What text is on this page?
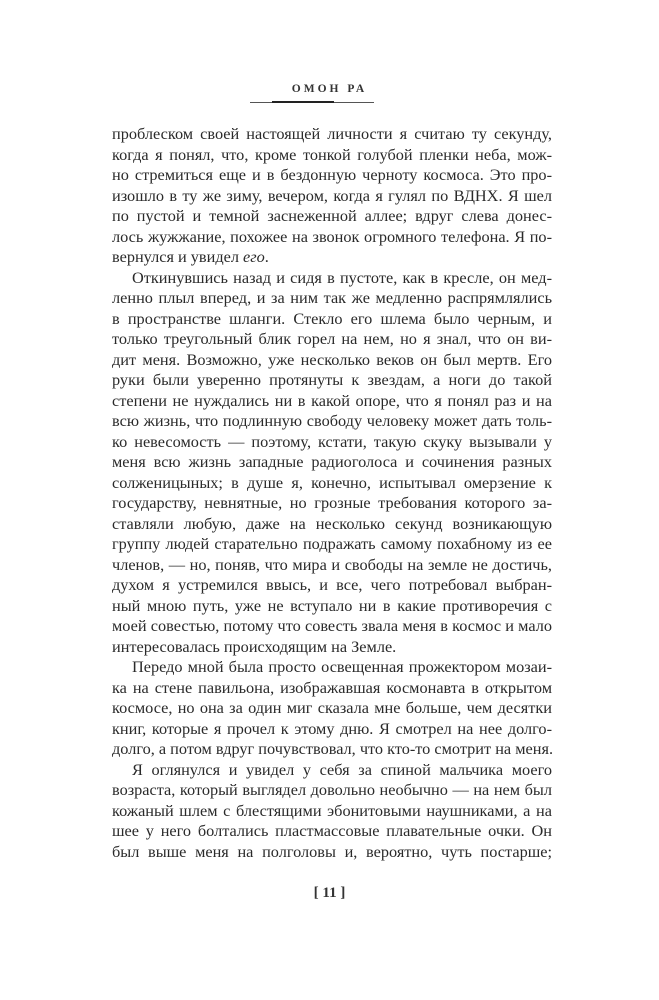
ОМОН РА
проблеском своей настоящей личности я считаю ту секунду,
когда я понял, что, кроме тонкой голубой пленки неба, мож-
но стремиться еще и в бездонную черноту космоса. Это про-
изошло в ту же зиму, вечером, когда я гулял по ВДНХ. Я шел
по пустой и темной заснеженной аллее; вдруг слева донес-
лось жужжание, похожее на звонок огромного телефона. Я по-
вернулся и увидел его.
Откинувшись назад и сидя в пустоте, как в кресле, он мед-
ленно плыл вперед, и за ним так же медленно распрямлялись
в пространстве шланги. Стекло его шлема было черным, и
только треугольный блик горел на нем, но я знал, что он ви-
дит меня. Возможно, уже несколько веков он был мертв. Его
руки были уверенно протянуты к звездам, а ноги до такой
степени не нуждались ни в какой опоре, что я понял раз и на
всю жизнь, что подлинную свободу человеку может дать толь-
ко невесомость — поэтому, кстати, такую скуку вызывали у
меня всю жизнь западные радиоголоса и сочинения разных
солженицыных; в душе я, конечно, испытывал омерзение к
государству, невнятные, но грозные требования которого за-
ставляли любую, даже на несколько секунд возникающую
группу людей старательно подражать самому похабному из ее
членов, — но, поняв, что мира и свободы на земле не достичь,
духом я устремился ввысь, и все, чего потребовал выбран-
ный мною путь, уже не вступало ни в какие противоречия с
моей совестью, потому что совесть звала меня в космос и мало
интересовалась происходящим на Земле.
Передо мной была просто освещенная прожектором мозаи-
ка на стене павильона, изображавшая космонавта в открытом
космосе, но она за один миг сказала мне больше, чем десятки
книг, которые я прочел к этому дню. Я смотрел на нее долго-
долго, а потом вдруг почувствовал, что кто-то смотрит на меня.
Я оглянулся и увидел у себя за спиной мальчика моего
возраста, который выглядел довольно необычно — на нем был
кожаный шлем с блестящими эбонитовыми наушниками, а на
шее у него болтались пластмассовые плавательные очки. Он
был выше меня на полголовы и, вероятно, чуть постарше;
[ 11 ]
